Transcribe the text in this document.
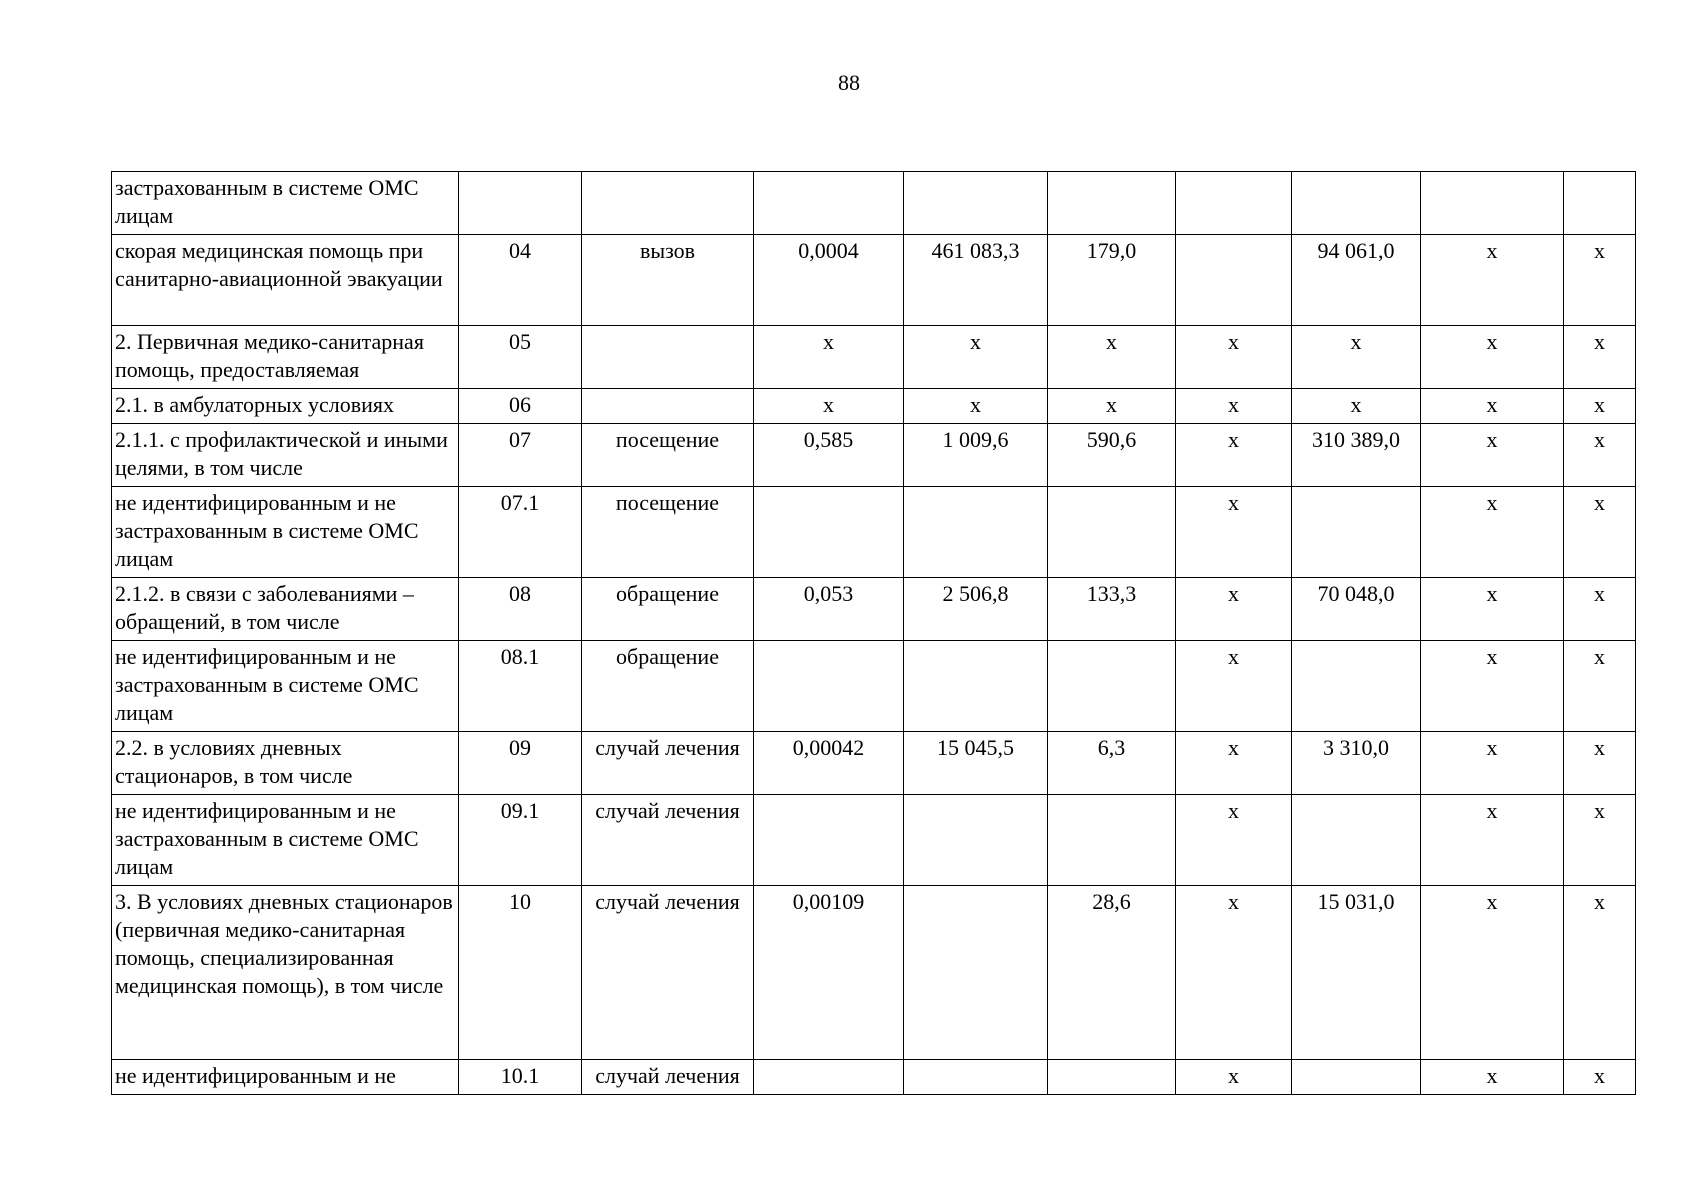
88
застрахованным в системе ОМС лицам									
скорая медицинская помощь при санитарно-авиационной эвакуации	04	вызов	0,0004	461 083,3	179,0		94 061,0	х	х
2. Первичная медико-санитарная помощь, предоставляемая	05		х	х	х	х	х	х	х
2.1. в амбулаторных условиях	06		х	х	х	х	х	х	х
2.1.1. с профилактической и иными целями, в том числе	07	посещение	0,585	1 009,6	590,6	х	310 389,0	х	х
не идентифицированным и не застрахованным в системе ОМС лицам	07.1	посещение				х		х	х
2.1.2. в связи с заболеваниями – обращений, в том числе	08	обращение	0,053	2 506,8	133,3	х	70 048,0	х	х
не идентифицированным и не застрахованным в системе ОМС лицам	08.1	обращение				х		х	х
2.2. в условиях дневных стационаров, в том числе	09	случай лечения	0,00042	15 045,5	6,3	х	3 310,0	х	х
не идентифицированным и не застрахованным в системе ОМС лицам	09.1	случай лечения				х		х	х
3. В условиях дневных стационаров (первичная медико-санитарная помощь, специализированная медицинская помощь), в том числе	10	случай лечения	0,00109		28,6	х	15 031,0	х	х
не идентифицированным и не	10.1	случай лечения				х		х	х
